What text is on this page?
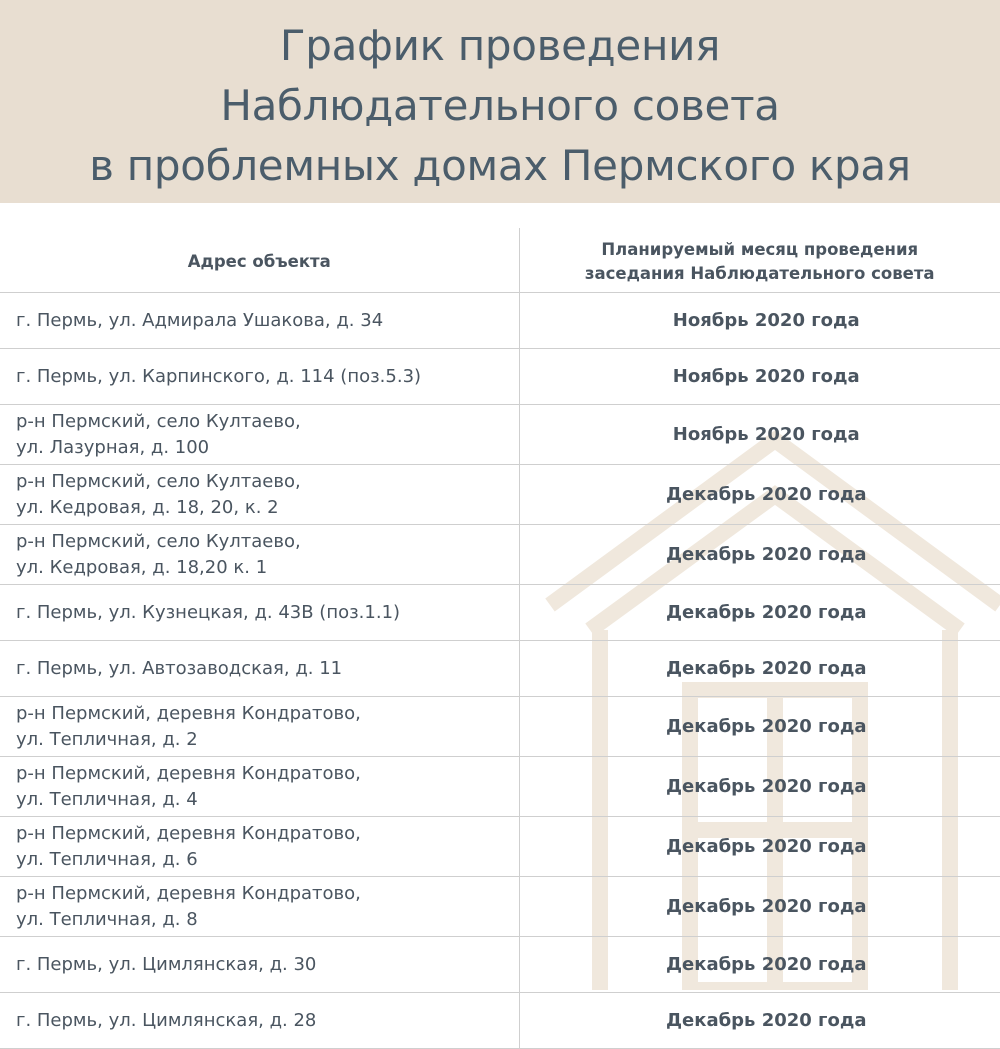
График проведения
Наблюдательного совета
в проблемных домах Пермского края
Адрес объекта	Планируемый месяц проведения
заседания Наблюдательного совета

г. Пермь, ул. Адмирала Ушакова, д. 34	Ноябрь 2020 года

г. Пермь, ул. Карпинского, д. 114 (поз.5.3)	Ноябрь 2020 года

р-н Пермский, село Култаево,
ул. Лазурная, д. 100	Ноябрь 2020 года

р-н Пермский, село Култаево,
ул. Кедровая, д. 18, 20, к. 2	Декабрь 2020 года

р-н Пермский, село Култаево,
ул. Кедровая, д. 18,20 к. 1	Декабрь 2020 года

г. Пермь, ул. Кузнецкая, д. 43В (поз.1.1)	Декабрь 2020 года

г. Пермь, ул. Автозаводская, д. 11	Декабрь 2020 года

р-н Пермский, деревня Кондратово,
ул. Тепличная, д. 2	Декабрь 2020 года

р-н Пермский, деревня Кондратово,
ул. Тепличная, д. 4	Декабрь 2020 года

р-н Пермский, деревня Кондратово,
ул. Тепличная, д. 6	Декабрь 2020 года

р-н Пермский, деревня Кондратово,
ул. Тепличная, д. 8	Декабрь 2020 года

г. Пермь, ул. Цимлянская, д. 30	Декабрь 2020 года

г. Пермь, ул. Цимлянская, д. 28	Декабрь 2020 года
